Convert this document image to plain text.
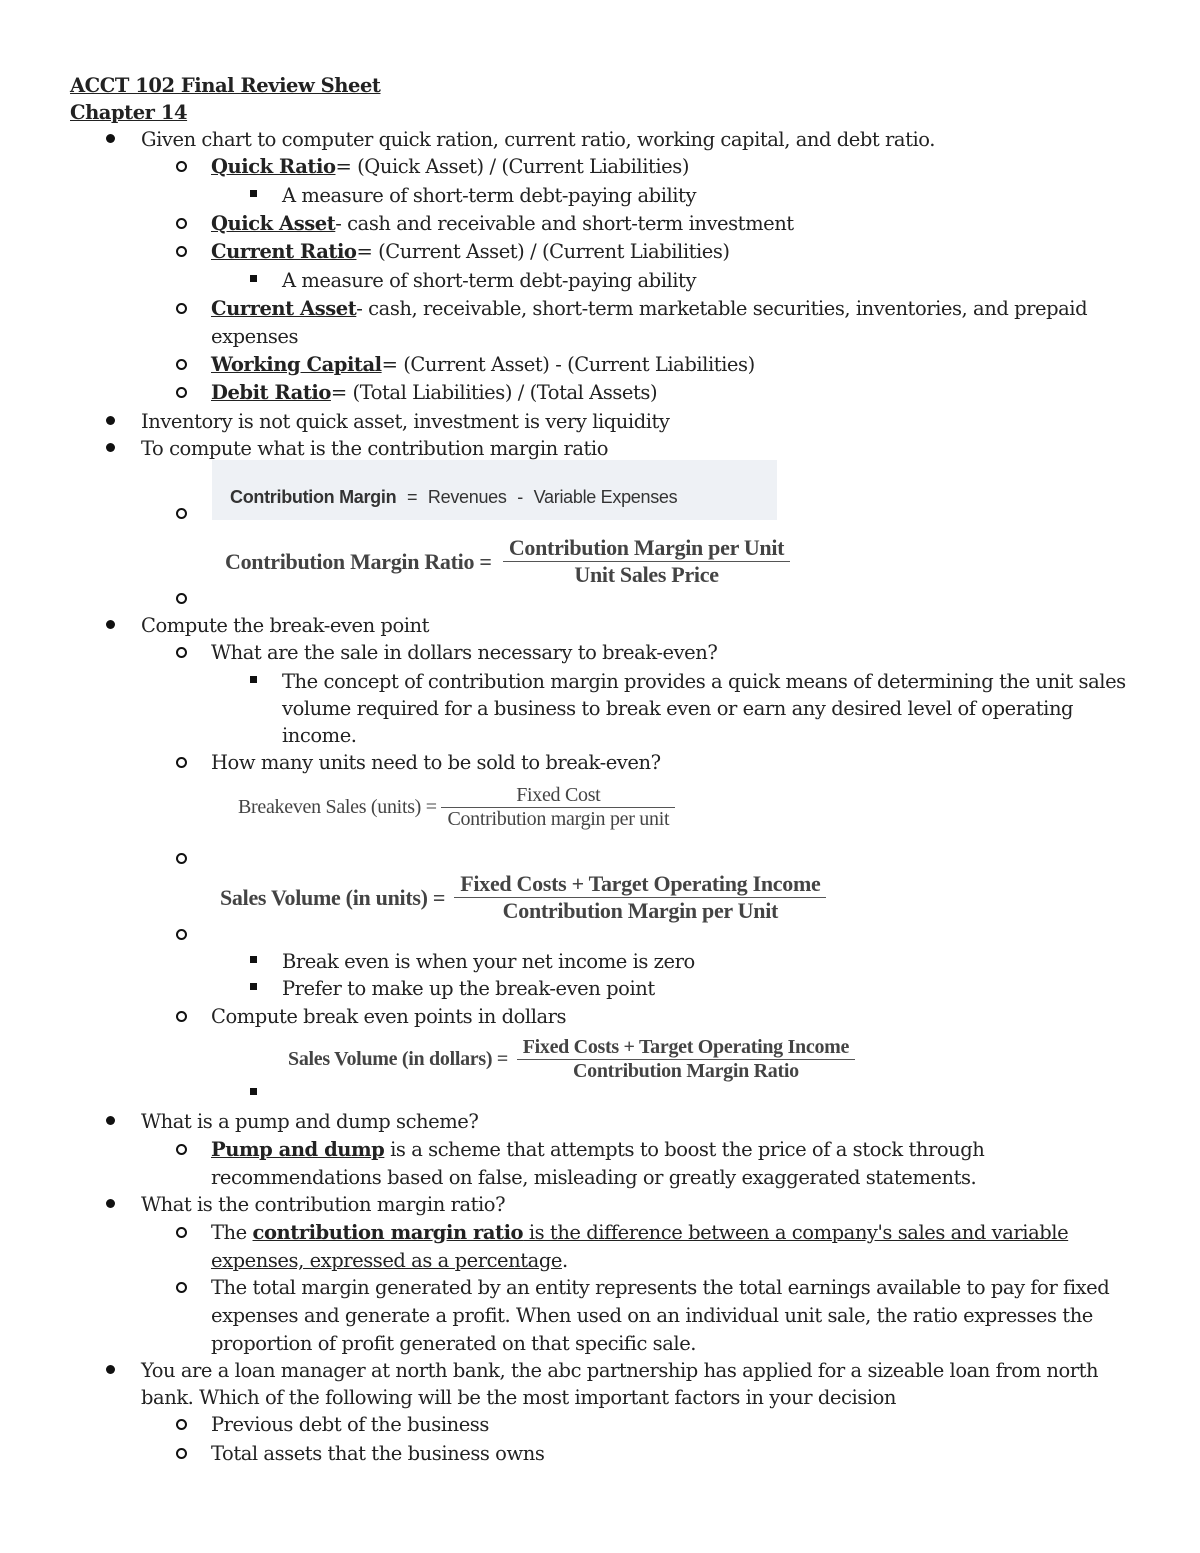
ACCT 102 Final Review Sheet
Chapter 14
Given chart to computer quick ration, current ratio, working capital, and debt ratio.
Quick Ratio= (Quick Asset) / (Current Liabilities)
A measure of short-term debt-paying ability
Quick Asset- cash and receivable and short-term investment
Current Ratio= (Current Asset) / (Current Liabilities)
A measure of short-term debt-paying ability
Current Asset- cash, receivable, short-term marketable securities, inventories, and prepaid
expenses
Working Capital= (Current Asset) - (Current Liabilities)
Debit Ratio= (Total Liabilities) / (Total Assets)
Inventory is not quick asset, investment is very liquidity
To compute what is the contribution margin ratio
Contribution Margin = Revenues - Variable Expenses
Contribution Margin Ratio = $\frac{\text{Contribution Margin per Unit}}{\text{Unit Sales Price}}$
Compute the break-even point
What are the sale in dollars necessary to break-even?
The concept of contribution margin provides a quick means of determining the unit sales
volume required for a business to break even or earn any desired level of operating
income.
How many units need to be sold to break-even?
Breakeven Sales (units) = $\frac{\text{Fixed Cost}}{\text{Contribution margin per unit}}$
Sales Volume (in units) = $\frac{\text{Fixed Costs + Target Operating Income}}{\text{Contribution Margin per Unit}}$
Break even is when your net income is zero
Prefer to make up the break-even point
Compute break even points in dollars
Sales Volume (in dollars) = $\frac{\text{Fixed Costs + Target Operating Income}}{\text{Contribution Margin Ratio}}$
What is a pump and dump scheme?
Pump and dump is a scheme that attempts to boost the price of a stock through
recommendations based on false, misleading or greatly exaggerated statements.
What is the contribution margin ratio?
The contribution margin ratio is the difference between a company's sales and variable
expenses, expressed as a percentage.
The total margin generated by an entity represents the total earnings available to pay for fixed
expenses and generate a profit. When used on an individual unit sale, the ratio expresses the
proportion of profit generated on that specific sale.
You are a loan manager at north bank, the abc partnership has applied for a sizeable loan from north
bank. Which of the following will be the most important factors in your decision
Previous debt of the business
Total assets that the business owns
